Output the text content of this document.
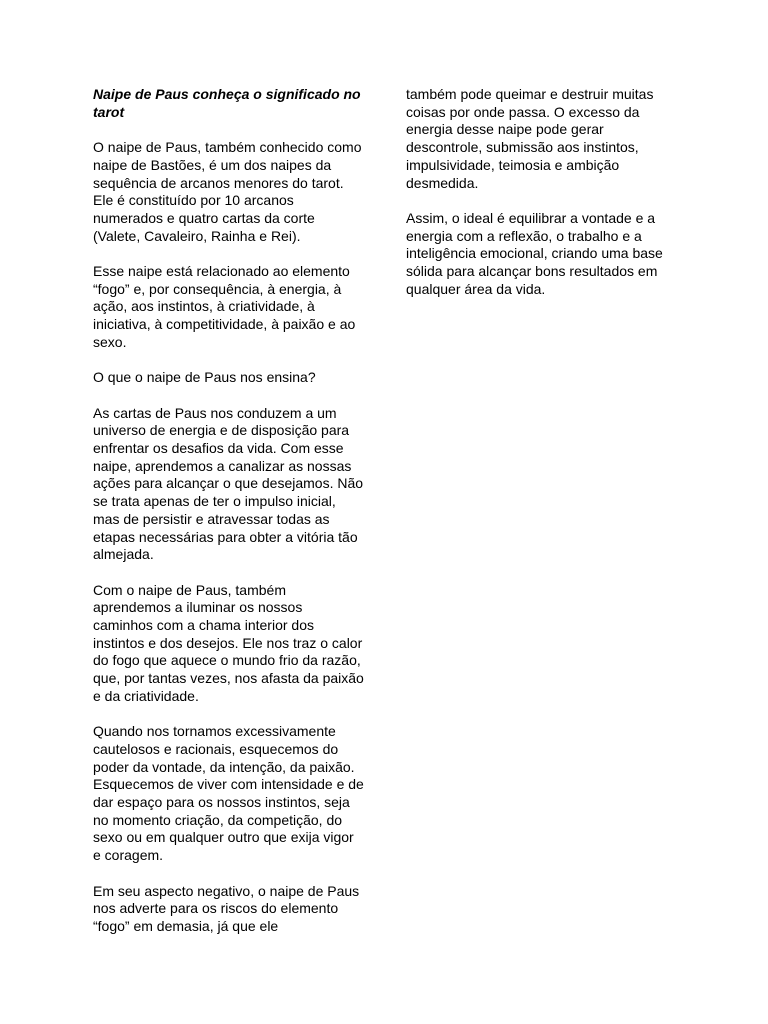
Naipe de Paus conheça o significado no tarot

O naipe de Paus, também conhecido como naipe de Bastões, é um dos naipes da sequência de arcanos menores do tarot. Ele é constituído por 10 arcanos numerados e quatro cartas da corte (Valete, Cavaleiro, Rainha e Rei).

Esse naipe está relacionado ao elemento “fogo” e, por consequência, à energia, à ação, aos instintos, à criatividade, à iniciativa, à competitividade, à paixão e ao sexo.

O que o naipe de Paus nos ensina?

As cartas de Paus nos conduzem a um universo de energia e de disposição para enfrentar os desafios da vida. Com esse naipe, aprendemos a canalizar as nossas ações para alcançar o que desejamos. Não se trata apenas de ter o impulso inicial, mas de persistir e atravessar todas as etapas necessárias para obter a vitória tão almejada.

Com o naipe de Paus, também aprendemos a iluminar os nossos caminhos com a chama interior dos instintos e dos desejos. Ele nos traz o calor do fogo que aquece o mundo frio da razão, que, por tantas vezes, nos afasta da paixão e da criatividade.

Quando nos tornamos excessivamente cautelosos e racionais, esquecemos do poder da vontade, da intenção, da paixão. Esquecemos de viver com intensidade e de dar espaço para os nossos instintos, seja no momento criação, da competição, do sexo ou em qualquer outro que exija vigor e coragem.

Em seu aspecto negativo, o naipe de Paus nos adverte para os riscos do elemento “fogo” em demasia, já que ele

também pode queimar e destruir muitas coisas por onde passa. O excesso da energia desse naipe pode gerar descontrole, submissão aos instintos, impulsividade, teimosia e ambição desmedida.

Assim, o ideal é equilibrar a vontade e a energia com a reflexão, o trabalho e a inteligência emocional, criando uma base sólida para alcançar bons resultados em qualquer área da vida.
